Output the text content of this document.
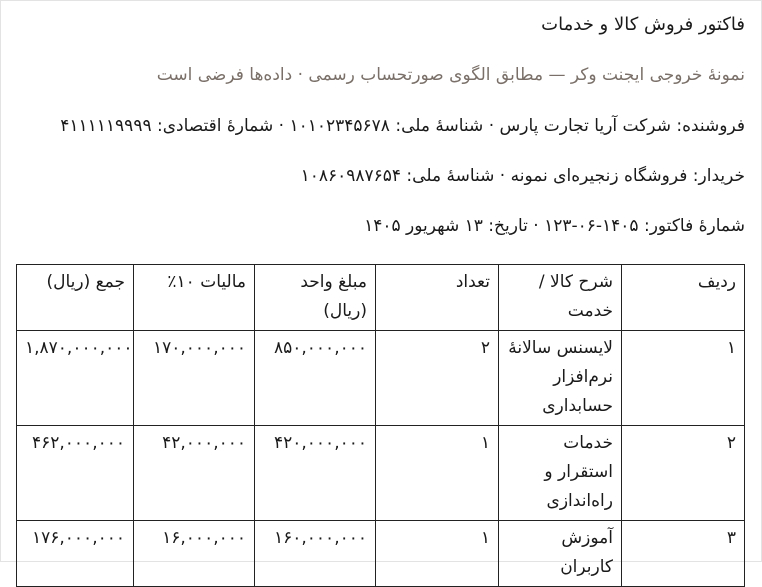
فاکتور فروش کالا و خدمات
نمونهٔ خروجی ایجنت وکر — مطابق الگوی صورتحساب رسمی · داده‌ها فرضی است
فروشنده: شرکت آریا تجارت پارس · شناسهٔ ملی: ۱۰۱۰۲۳۴۵۶۷۸ · شمارهٔ اقتصادی: ۴۱۱۱۱۱۹۹۹۹
خریدار: فروشگاه زنجیره‌ای نمونه · شناسهٔ ملی: ۱۰۸۶۰۹۸۷۶۵۴
شمارهٔ فاکتور: ۱۴۰۵-۰۶-۱۲۳ · تاریخ: ۱۳ شهریور ۱۴۰۵
ردیف	شرح کالا / خدمت	تعداد	مبلغ واحد (ریال)	مالیات ۱۰٪	جمع (ریال)
۱	لایسنس سالانهٔ نرم‌افزار حسابداری	۲	۸۵۰,۰۰۰,۰۰۰	۱۷۰,۰۰۰,۰۰۰	۱,۸۷۰,۰۰۰,۰۰۰
۲	خدمات استقرار و راه‌اندازی	۱	۴۲۰,۰۰۰,۰۰۰	۴۲,۰۰۰,۰۰۰	۴۶۲,۰۰۰,۰۰۰
۳	آموزش کاربران	۱	۱۶۰,۰۰۰,۰۰۰	۱۶,۰۰۰,۰۰۰	۱۷۶,۰۰۰,۰۰۰
